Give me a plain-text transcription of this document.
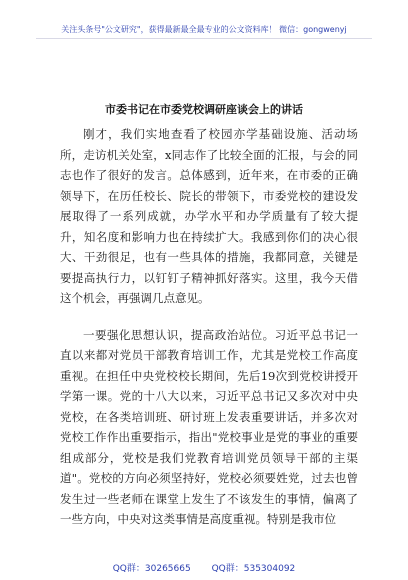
关注头条号"公文研究"，获得最新最全最专业的公文资料库！ 微信：gongwenyj
市委书记在市委党校调研座谈会上的讲话

刚才，我们实地查看了校园亦学基础设施、活动场所，走访机关处室，x同志作了比较全面的汇报，与会的同志也作了很好的发言。总体感到，近年来，在市委的正确领导下，在历任校长、院长的带领下，市委党校的建设发展取得了一系列成就，办学水平和办学质量有了较大提升，知名度和影响力也在持续扩大。我感到你们的决心很大、干劲很足，也有一些具体的措施，我都同意，关键是要提高执行力，以钉钉子精神抓好落实。这里，我今天借这个机会，再强调几点意见。

一要强化思想认识，提高政治站位。习近平总书记一直以来都对党员干部教育培训工作，尤其是党校工作高度重视。在担任中央党校校长期间，先后19次到党校讲授开学第一课。党的十八大以来，习近平总书记又多次对中央党校，在各类培训班、研讨班上发表重要讲话，并多次对党校工作作出重要指示，指出"党校事业是党的事业的重要组成部分，党校是我们党教育培训党员领导干部的主渠道"。党校的方向必须坚持好，党校必须要姓党，过去也曾发生过一些老师在课堂上发生了不该发生的事情，偏离了一些方向，中央对这类事情是高度重视。特别是我市位

QQ群：30265665 QQ群：535304092
